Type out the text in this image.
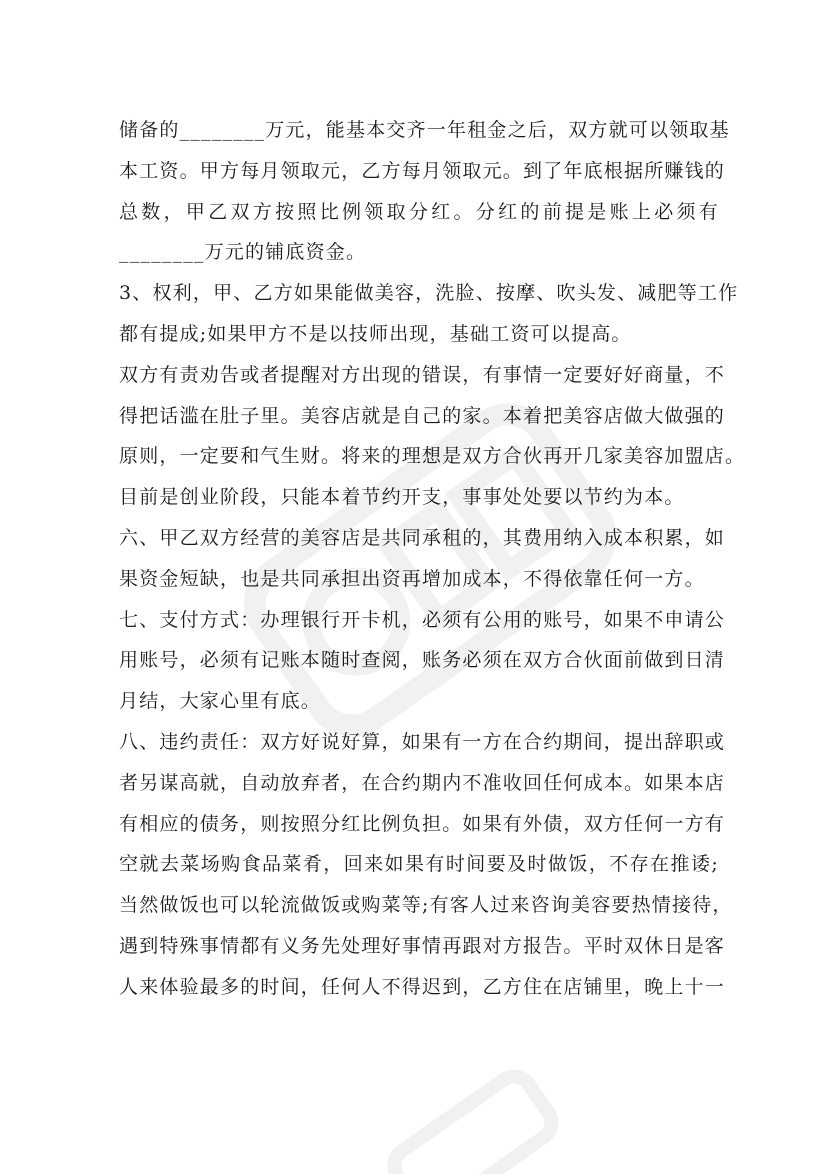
储备的________万元，能基本交齐一年租金之后，双方就可以领取基
本工资。甲方每月领取元，乙方每月领取元。到了年底根据所赚钱的
总数，甲乙双方按照比例领取分红。分红的前提是账上必须有
________万元的铺底资金。
3、权利，甲、乙方如果能做美容，洗脸、按摩、吹头发、减肥等工作
都有提成;如果甲方不是以技师出现，基础工资可以提高。
双方有责劝告或者提醒对方出现的错误，有事情一定要好好商量，不
得把话滥在肚子里。美容店就是自己的家。本着把美容店做大做强的
原则，一定要和气生财。将来的理想是双方合伙再开几家美容加盟店。
目前是创业阶段，只能本着节约开支，事事处处要以节约为本。
六、甲乙双方经营的美容店是共同承租的，其费用纳入成本积累，如
果资金短缺，也是共同承担出资再增加成本，不得依靠任何一方。
七、支付方式：办理银行开卡机，必须有公用的账号，如果不申请公
用账号，必须有记账本随时查阅，账务必须在双方合伙面前做到日清
月结，大家心里有底。
八、违约责任：双方好说好算，如果有一方在合约期间，提出辞职或
者另谋高就，自动放弃者，在合约期内不准收回任何成本。如果本店
有相应的债务，则按照分红比例负担。如果有外债，双方任何一方有
空就去菜场购食品菜肴，回来如果有时间要及时做饭，不存在推诿;
当然做饭也可以轮流做饭或购菜等;有客人过来咨询美容要热情接待，
遇到特殊事情都有义务先处理好事情再跟对方报告。平时双休日是客
人来体验最多的时间，任何人不得迟到，乙方住在店铺里，晚上十一
